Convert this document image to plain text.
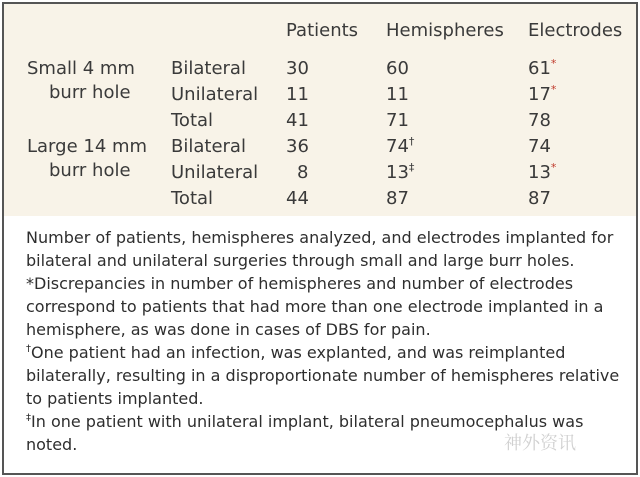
Patients Hemispheres Electrodes
Small 4 mm
burr hole
Bilateral 30	60	61*
Unilateral 11	11	17*
Total	41	71	78
Large 14 mm
burr hole
Bilateral 36	74†	74
Unilateral 8	13‡	13*
Total	44	87	87

Number of patients, hemispheres analyzed, and electrodes implanted for bilateral and unilateral surgeries through small and large burr holes.

*Discrepancies in number of hemispheres and number of electrodes correspond to patients that had more than one electrode implanted in a hemisphere, as was done in cases of DBS for pain.

†One patient had an infection, was explanted, and was reimplanted bilaterally, resulting in a disproportionate number of hemispheres relative to patients implanted.

‡In one patient with unilateral implant, bilateral pneumocephalus was noted.	神外资讯
